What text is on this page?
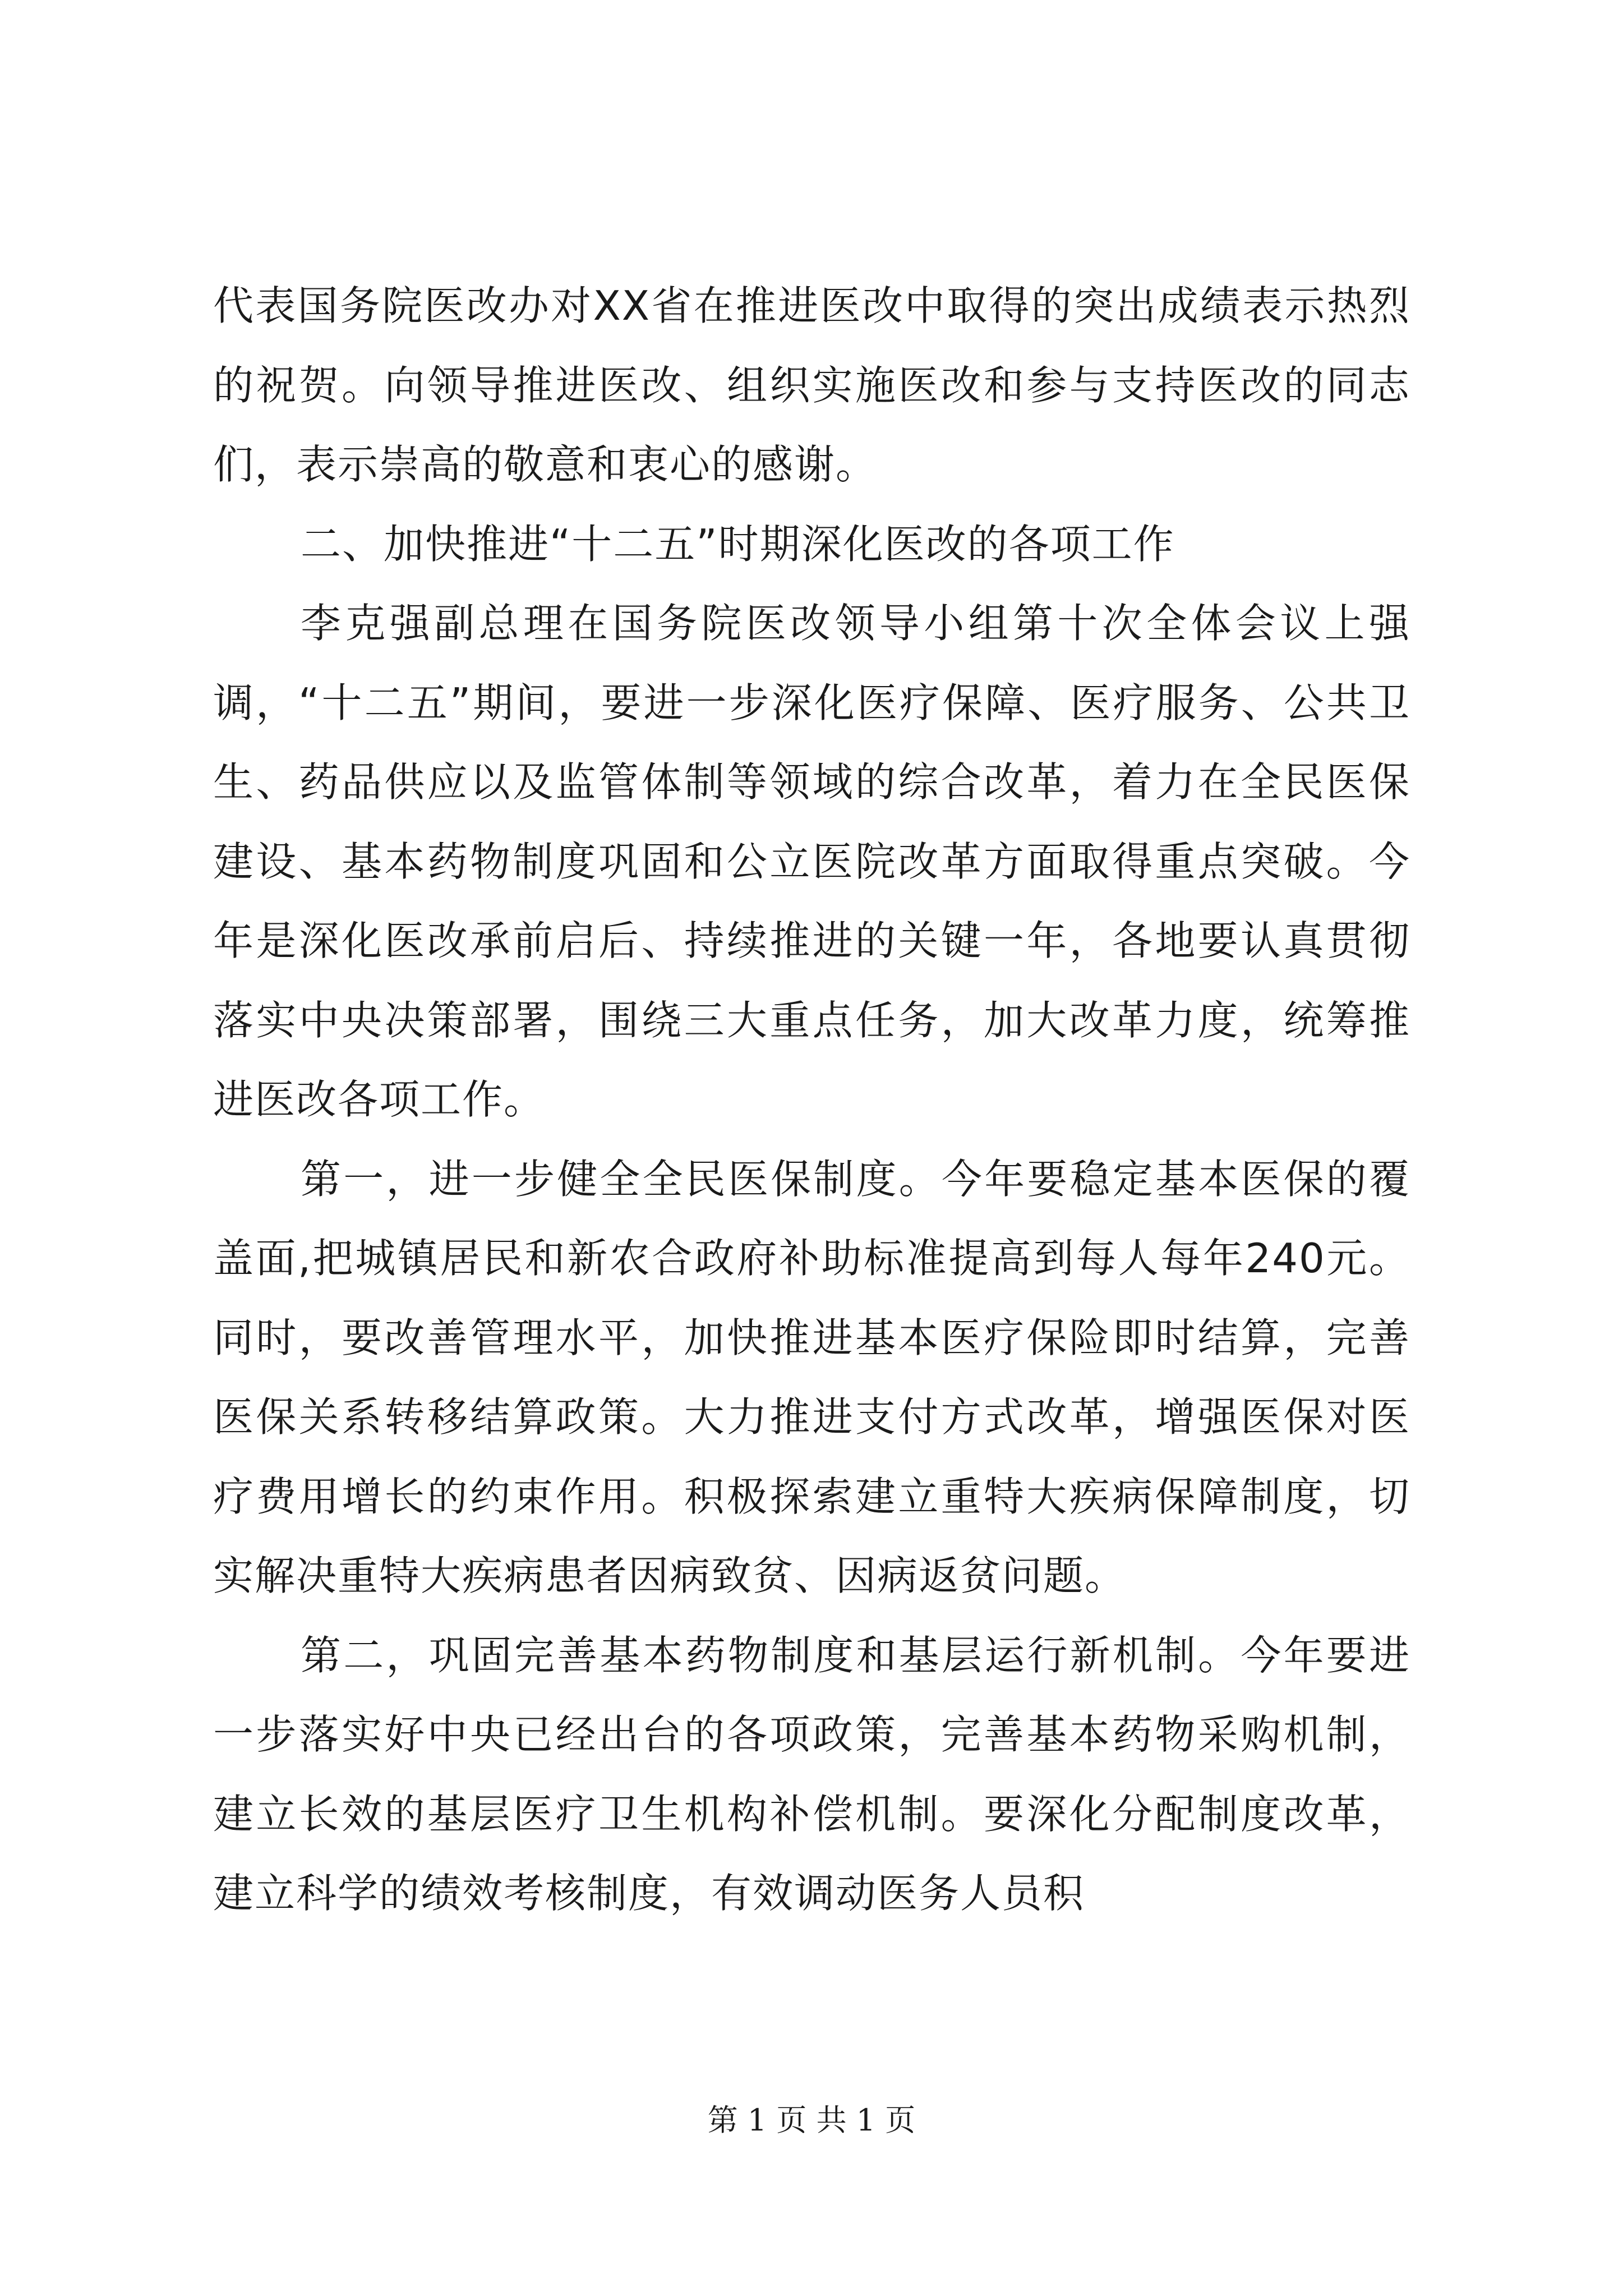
代表国务院医改办对XX省在推进医改中取得的突出成绩表示热烈的祝贺。向领导推进医改、组织实施医改和参与支持医改的同志们，表示崇高的敬意和衷心的感谢。

二、加快推进“十二五”时期深化医改的各项工作

李克强副总理在国务院医改领导小组第十次全体会议上强调，“十二五”期间，要进一步深化医疗保障、医疗服务、公共卫生、药品供应以及监管体制等领域的综合改革，着力在全民医保建设、基本药物制度巩固和公立医院改革方面取得重点突破。今年是深化医改承前启后、持续推进的关键一年，各地要认真贯彻落实中央决策部署，围绕三大重点任务，加大改革力度，统筹推进医改各项工作。

第一，进一步健全全民医保制度。今年要稳定基本医保的覆盖面,把城镇居民和新农合政府补助标准提高到每人每年240元。同时，要改善管理水平，加快推进基本医疗保险即时结算，完善医保关系转移结算政策。大力推进支付方式改革，增强医保对医疗费用增长的约束作用。积极探索建立重特大疾病保障制度，切实解决重特大疾病患者因病致贫、因病返贫问题。

第二，巩固完善基本药物制度和基层运行新机制。今年要进一步落实好中央已经出台的各项政策，完善基本药物采购机制，建立长效的基层医疗卫生机构补偿机制。要深化分配制度改革，建立科学的绩效考核制度，有效调动医务人员积

第 1 页 共 1 页
